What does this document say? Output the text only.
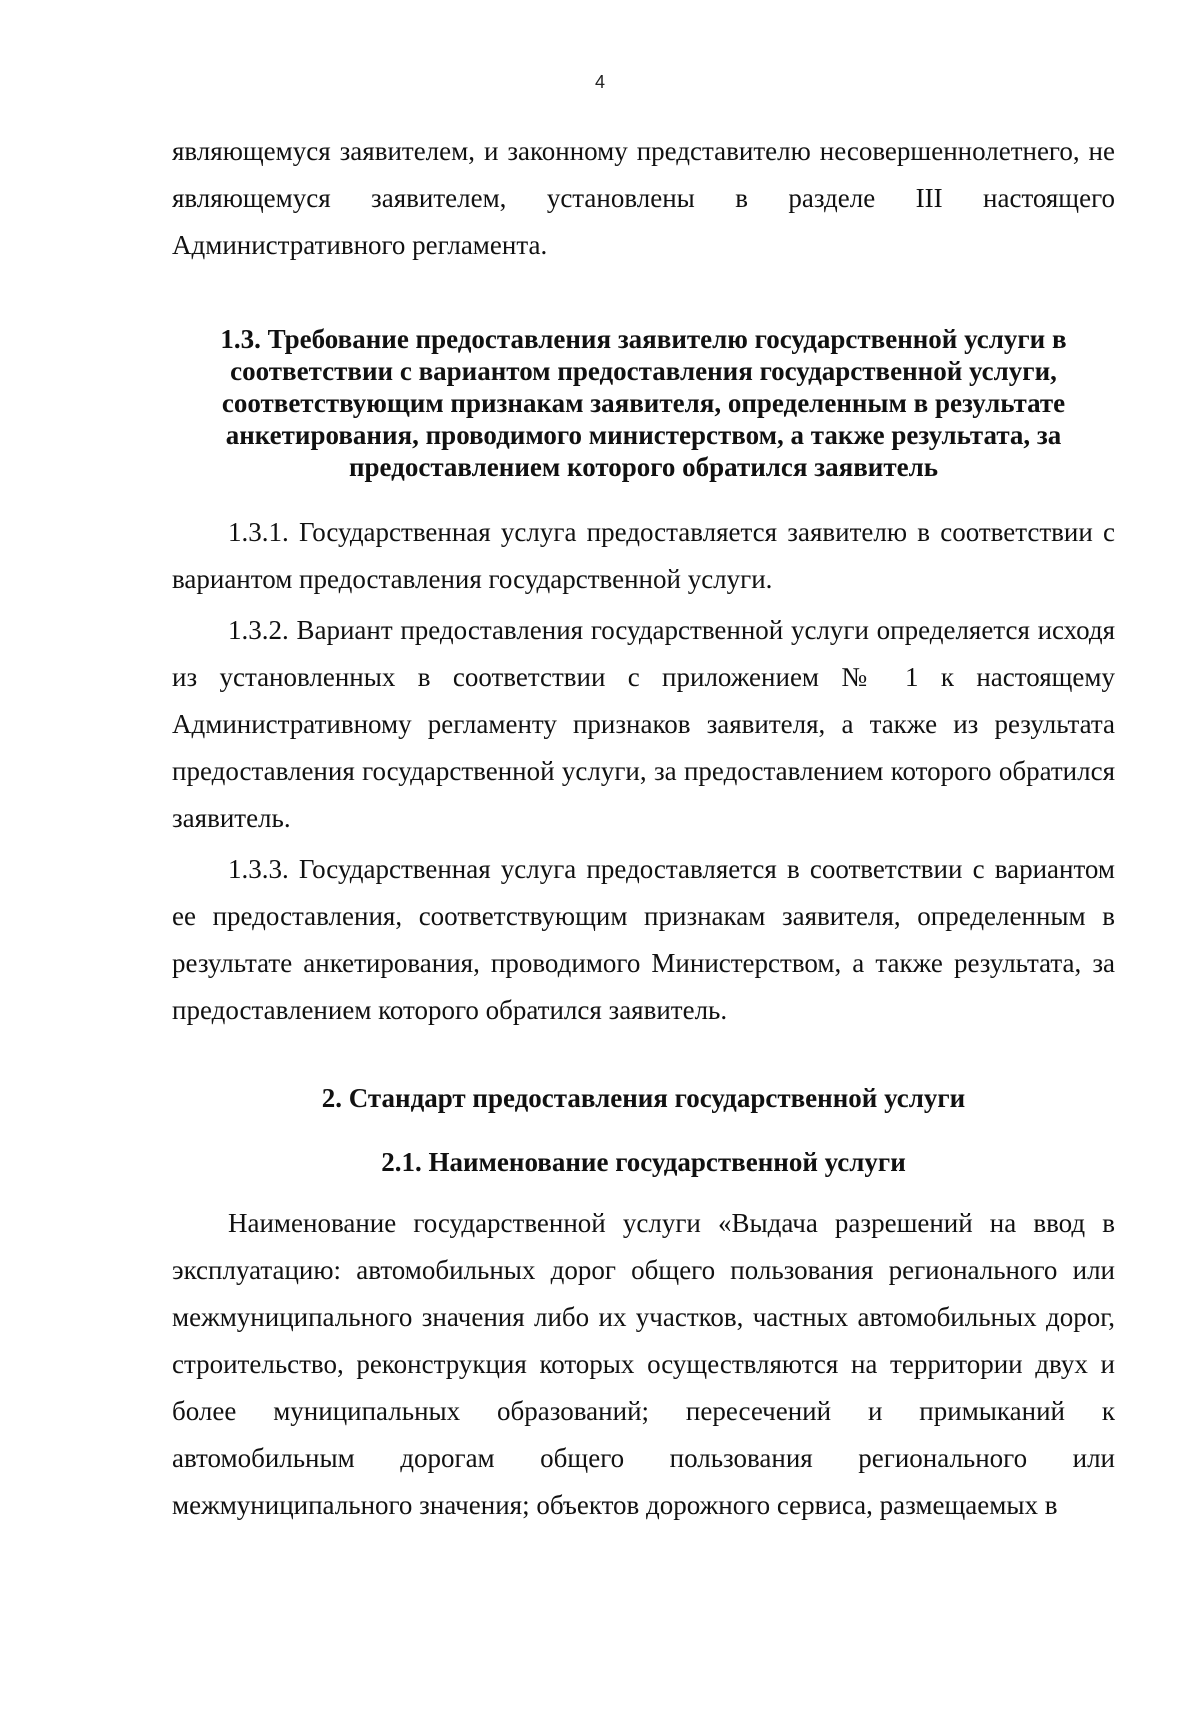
4

являющемуся заявителем, и законному представителю несовершеннолетнего, не являющемуся заявителем, установлены в разделе III настоящего Административного регламента.

1.3. Требование предоставления заявителю государственной услуги в соответствии с вариантом предоставления государственной услуги, соответствующим признакам заявителя, определенным в результате анкетирования, проводимого министерством, а также результата, за предоставлением которого обратился заявитель

1.3.1. Государственная услуга предоставляется заявителю в соответствии с вариантом предоставления государственной услуги.

1.3.2. Вариант предоставления государственной услуги определяется исходя из установленных в соответствии с приложением № 1 к настоящему Административному регламенту признаков заявителя, а также из результата предоставления государственной услуги, за предоставлением которого обратился заявитель.

1.3.3. Государственная услуга предоставляется в соответствии с вариантом ее предоставления, соответствующим признакам заявителя, определенным в результате анкетирования, проводимого Министерством, а также результата, за предоставлением которого обратился заявитель.

2. Стандарт предоставления государственной услуги
2.1. Наименование государственной услуги

Наименование государственной услуги «Выдача разрешений на ввод в эксплуатацию: автомобильных дорог общего пользования регионального или межмуниципального значения либо их участков, частных автомобильных дорог, строительство, реконструкция которых осуществляются на территории двух и более муниципальных образований; пересечений и примыканий к автомобильным дорогам общего пользования регионального или межмуниципального значения; объектов дорожного сервиса, размещаемых в
